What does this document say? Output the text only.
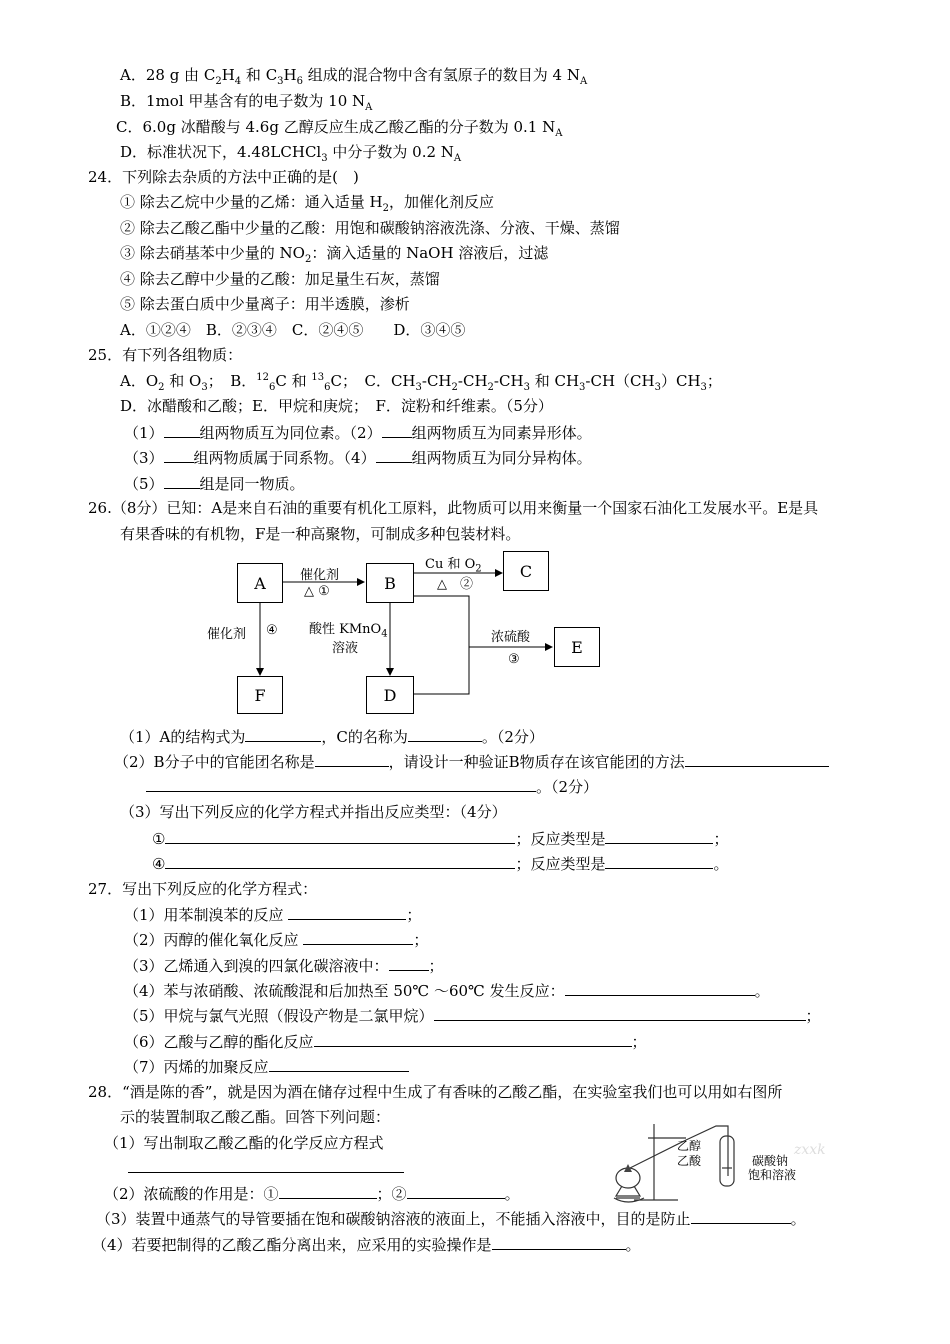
A．28 g 由 $C_2H_4$ 和 $C_3H_6$ 组成的混合物中含有氢原子的数目为 4 $N_A$
B．1mol 甲基含有的电子数为 10 $N_A$
C．6.0g 冰醋酸与 4.6g 乙醇反应生成乙酸乙酯的分子数为 0.1 $N_A$
D．标准状况下，4.48LCHCl$_3$ 中分子数为 0.2 $N_A$
24．下列除去杂质的方法中正确的是(　)
① 除去乙烷中少量的乙烯：通入适量 $H_2$，加催化剂反应
② 除去乙酸乙酯中少量的乙酸：用饱和碳酸钠溶液洗涤、分液、干燥、蒸馏
③ 除去硝基苯中少量的 $NO_2$：滴入适量的 NaOH 溶液后，过滤
④ 除去乙醇中少量的乙酸：加足量生石灰，蒸馏
⑤ 除去蛋白质中少量离子：用半透膜，渗析
A．①②④　B．②③④　C．②④⑤　　D．③④⑤
25．有下列各组物质：
A．$O_2$ 和 $O_3$；　B．$^{12}_6$C 和 $^{13}_6$C；　C．$CH_3-CH_2-CH_2-CH_3$ 和 $CH_3-CH(CH_3)CH_3$；
D．冰醋酸和乙酸；E．甲烷和庚烷；　F．淀粉和纤维素。（5分）
（1） 组两物质互为同位素。（2） 组两物质互为同素异形体。
（3） 组两物质属于同系物。（4） 组两物质互为同分异构体。
（5） 组是同一物质。
26.（8分）已知：A是来自石油的重要有机化工原料，此物质可以用来衡量一个国家石油化工发展水平。E是具
有果香味的有机物，F是一种高聚物，可制成多种包装材料。
A	B
C
D
E
F
催化剂
△ ①
Cu 和 $O_2$
△　②
催化剂 ④ 酸性 KMnO$_4$
溶液
浓硫酸
③
（1）A的结构式为	，C的名称为	。（2分）
（2）B分子中的官能团名称是	，请设计一种验证B物质存在该官能团的方法
。（2分）
（3）写出下列反应的化学方程式并指出反应类型：（4分）
①	；反应类型是	；
④	；反应类型是	。
27．写出下列反应的化学方程式：
（1）用苯制溴苯的反应	；
（2）丙醇的催化氧化反应	；
（3）乙烯通入到溴的四氯化碳溶液中：	；
（4）苯与浓硝酸、浓硫酸混和后加热至 50℃ ～60℃ 发生反应：	。
（5）甲烷与氯气光照（假设产物是二氯甲烷）	；
（6）乙酸与乙醇的酯化反应	；
（7）丙烯的加聚反应
28．“酒是陈的香”，就是因为酒在储存过程中生成了有香味的乙酸乙酯，在实验室我们也可以用如右图所
示的装置制取乙酸乙酯。回答下列问题：
（1）写出制取乙酸乙酯的化学反应方程式
（2）浓硫酸的作用是：①	；②	。
（3）装置中通蒸气的导管要插在饱和碳酸钠溶液的液面上，不能插入溶液中，目的是防止	。
（4）若要把制得的乙酸乙酯分离出来，应采用的实验操作是	。
乙醇
乙酸	碳酸钠
饱和溶液
zxxk
